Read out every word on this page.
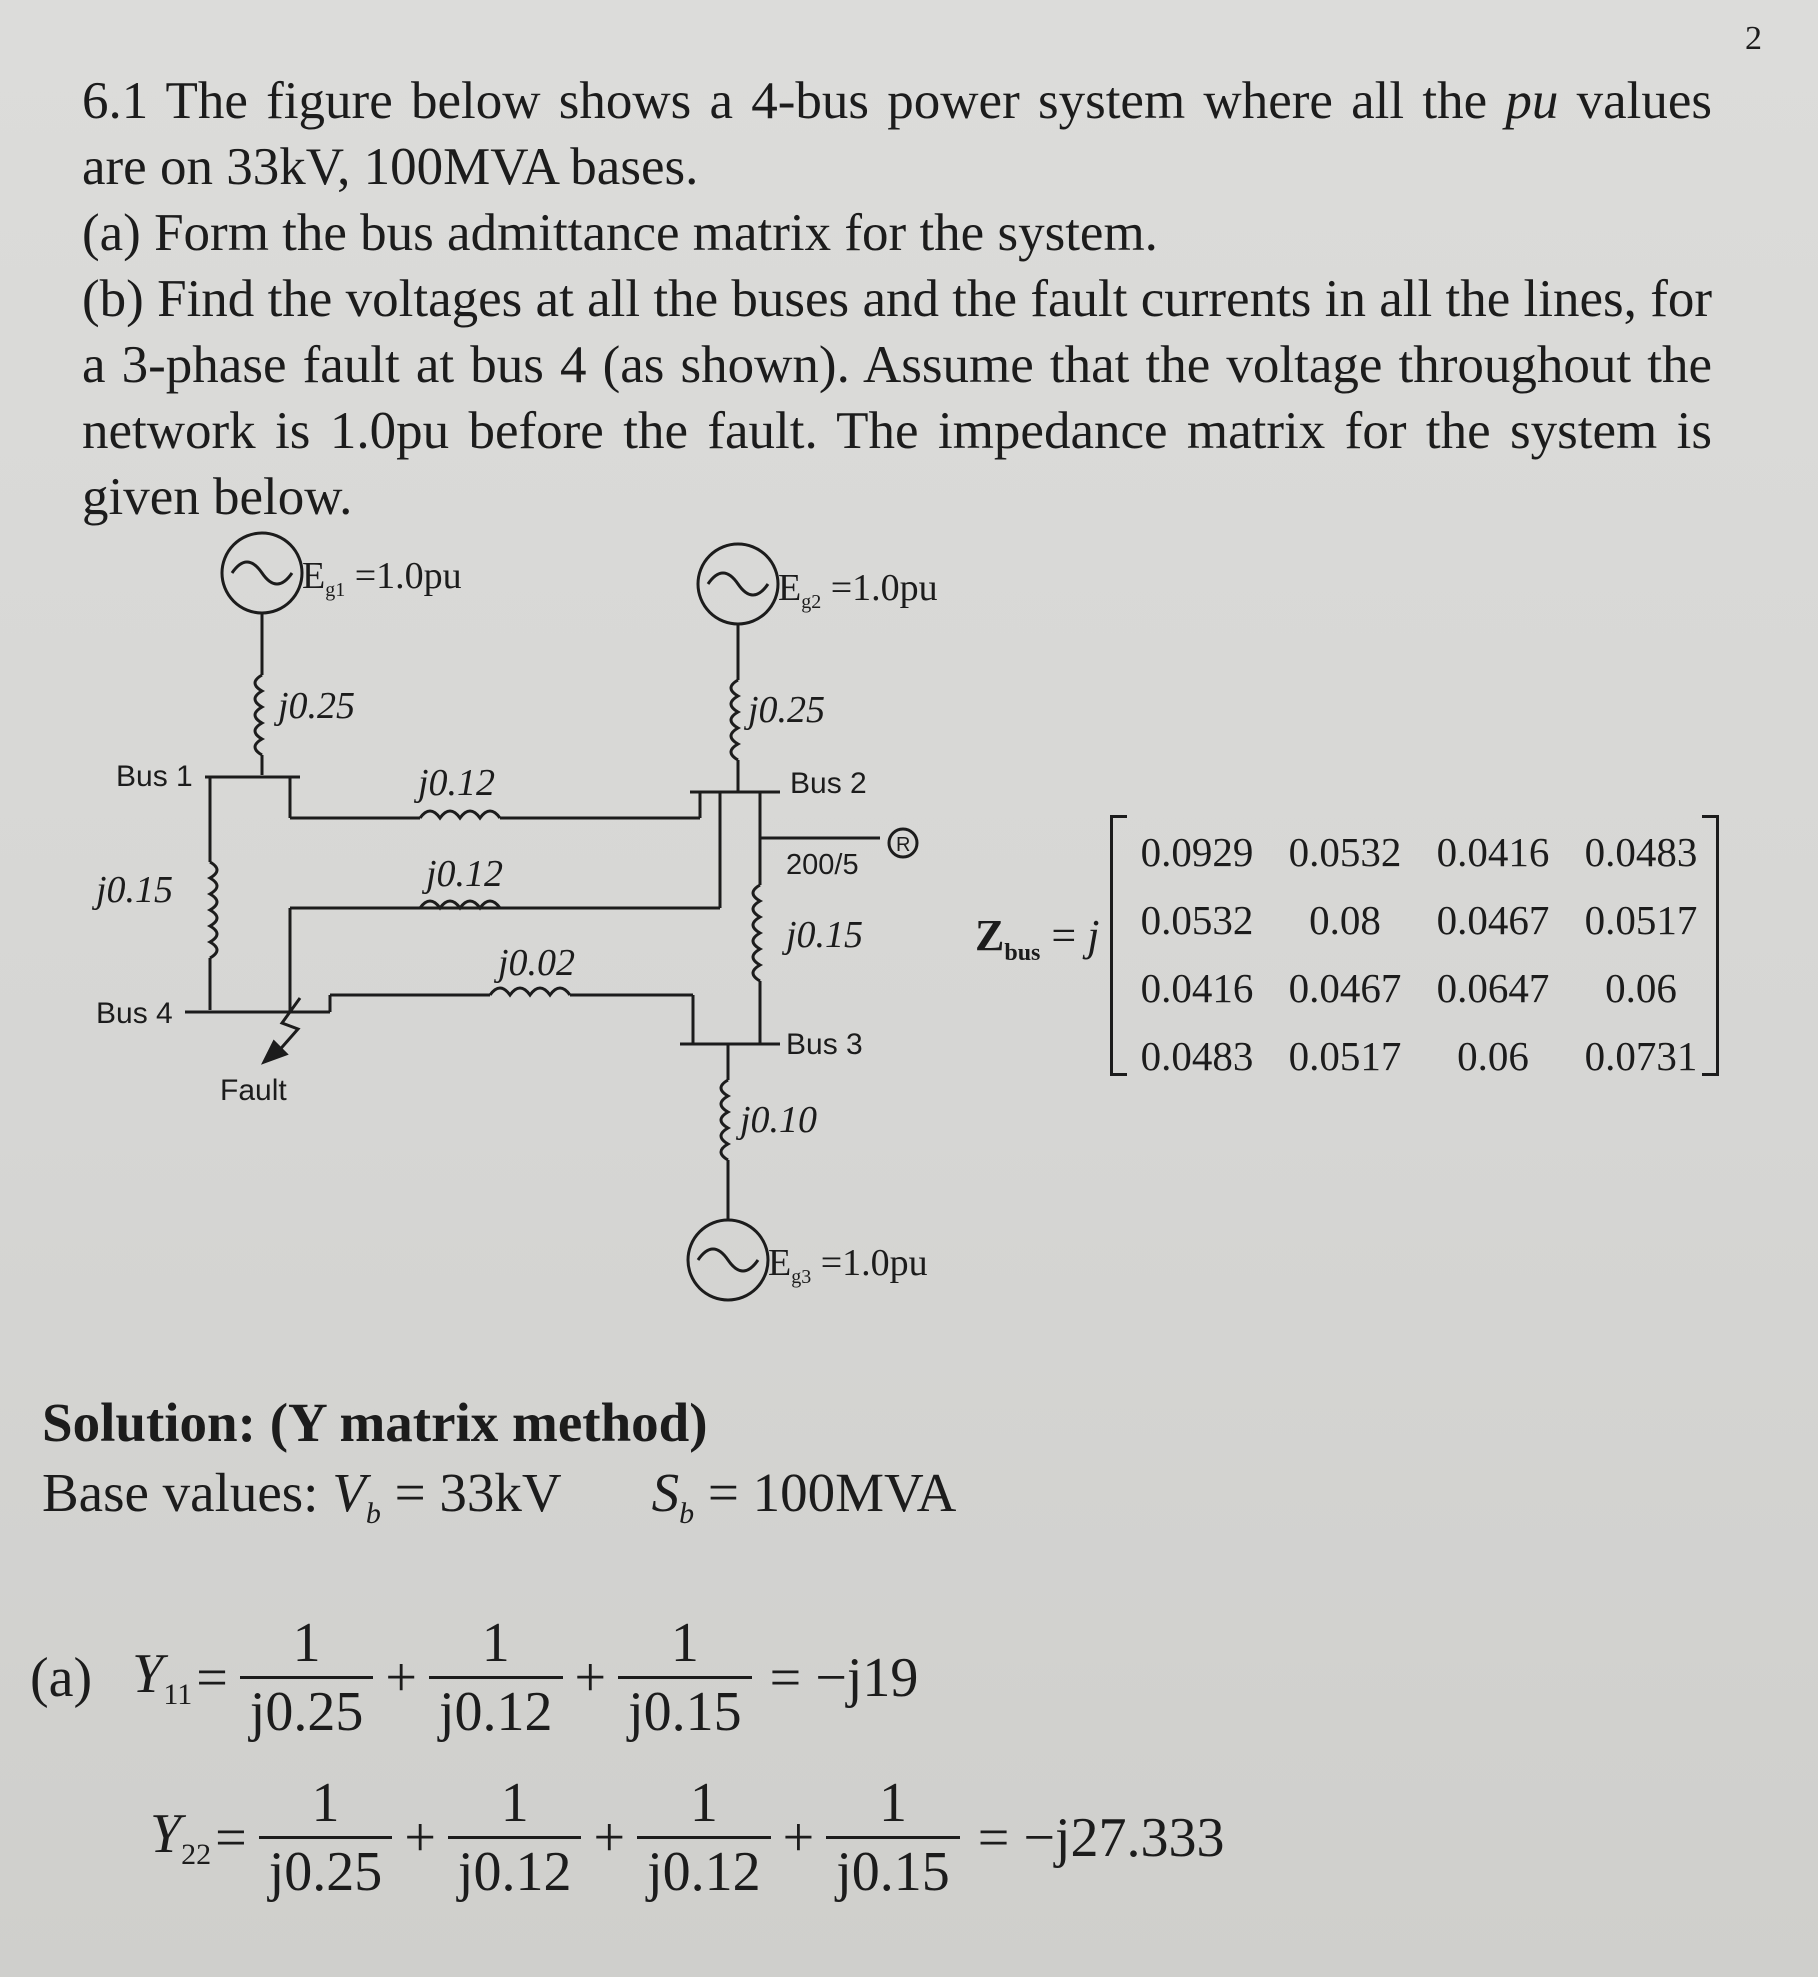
2

6.1 The figure below shows a 4-bus power system where all the pu values are on 33kV, 100MVA bases.

(a) Form the bus admittance matrix for the system.

(b) Find the voltages at all the buses and the fault currents in all the lines, for a 3-phase fault at bus 4 (as shown). Assume that the voltage throughout the network is 1.0pu before the fault. The impedance matrix for the system is given below.

$E_{g1} =1.0pu$	$E_{g2} =1.0pu$
$E_{g3} =1.0pu$
j0.25	j0.25
j0.10
j0.12
j0.12
j0.02
j0.15
j0.15
Bus 1	Bus 2
Bus 3
Bus 4
200/5
R
Fault
$Z_{bus} = j$
0.0929 0.0532 0.0416 0.0483
0.0532	0.08	0.0467 0.0517
0.0416 0.0467 0.0647	0.06
0.0483 0.0517	0.06	0.0731
Solution: (Y matrix method)

Base values: $V_b = 33kV$ $S_b = 100MVA$

(a) $Y_{11} = \frac{1}{j0.25} + \frac{1}{j0.12} + \frac{1}{j0.15} = -j19$
$Y_{22} = \frac{1}{j0.25} + \frac{1}{j0.12} + \frac{1}{j0.12} + \frac{1}{j0.15} = -j27.333$
